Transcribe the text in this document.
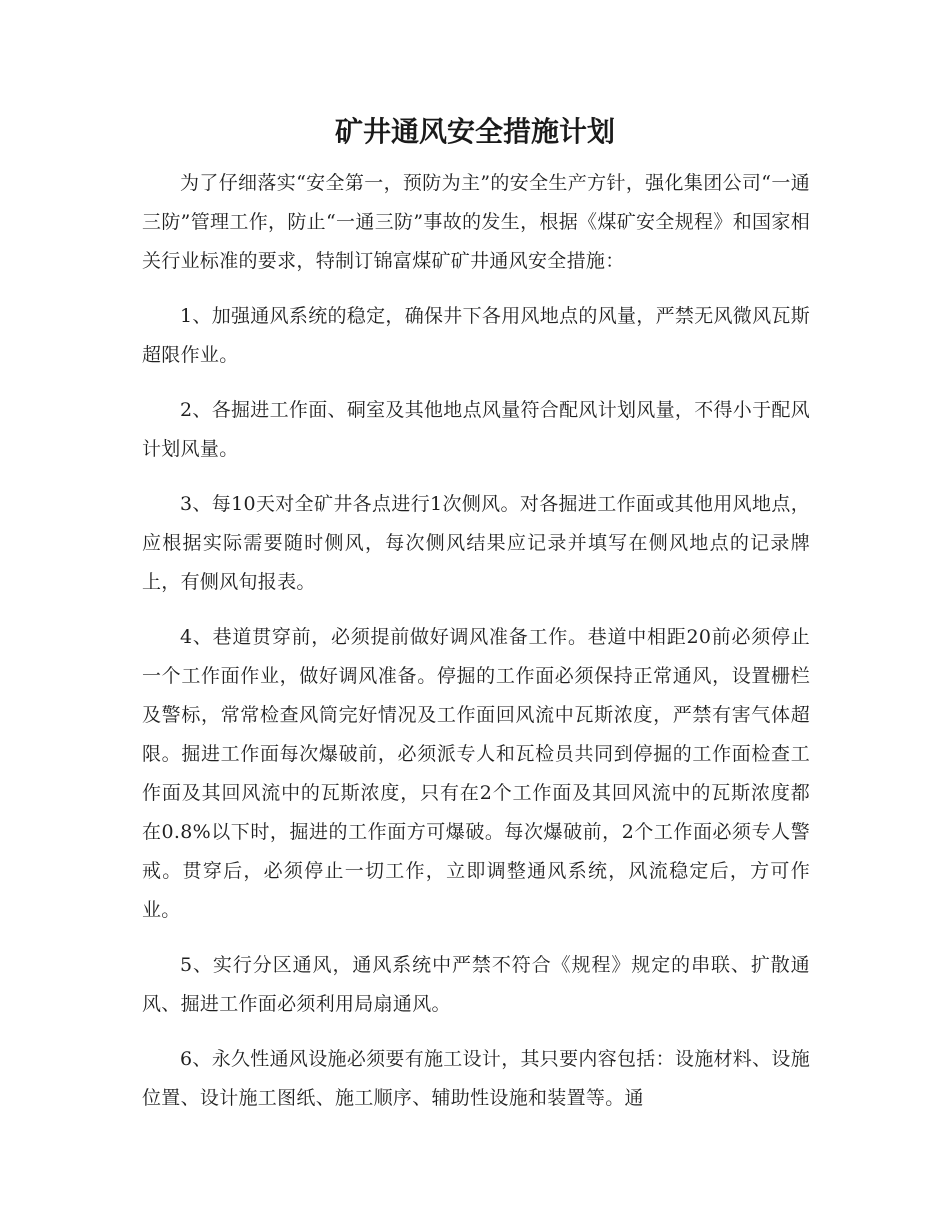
矿井通风安全措施计划

为了仔细落实“安全第一，预防为主”的安全生产方针，强化集团公司“一通三防”管理工作，防止“一通三防”事故的发生，根据《煤矿安全规程》和国家相关行业标准的要求，特制订锦富煤矿矿井通风安全措施：

1、加强通风系统的稳定，确保井下各用风地点的风量，严禁无风微风瓦斯超限作业。

2、各掘进工作面、硐室及其他地点风量符合配风计划风量，不得小于配风计划风量。

3、每10天对全矿井各点进行1次侧风。对各掘进工作面或其他用风地点，应根据实际需要随时侧风，每次侧风结果应记录并填写在侧风地点的记录牌上，有侧风旬报表。

4、巷道贯穿前，必须提前做好调风准备工作。巷道中相距20前必须停止一个工作面作业，做好调风准备。停掘的工作面必须保持正常通风，设置栅栏及警标，常常检查风筒完好情况及工作面回风流中瓦斯浓度，严禁有害气体超限。掘进工作面每次爆破前，必须派专人和瓦检员共同到停掘的工作面检查工作面及其回风流中的瓦斯浓度，只有在2个工作面及其回风流中的瓦斯浓度都在0.8%以下时，掘进的工作面方可爆破。每次爆破前，2个工作面必须专人警戒。贯穿后，必须停止一切工作，立即调整通风系统，风流稳定后，方可作业。

5、实行分区通风，通风系统中严禁不符合《规程》规定的串联、扩散通风、掘进工作面必须利用局扇通风。

6、永久性通风设施必须要有施工设计，其只要内容包括：设施材料、设施位置、设计施工图纸、施工顺序、辅助性设施和装置等。通
